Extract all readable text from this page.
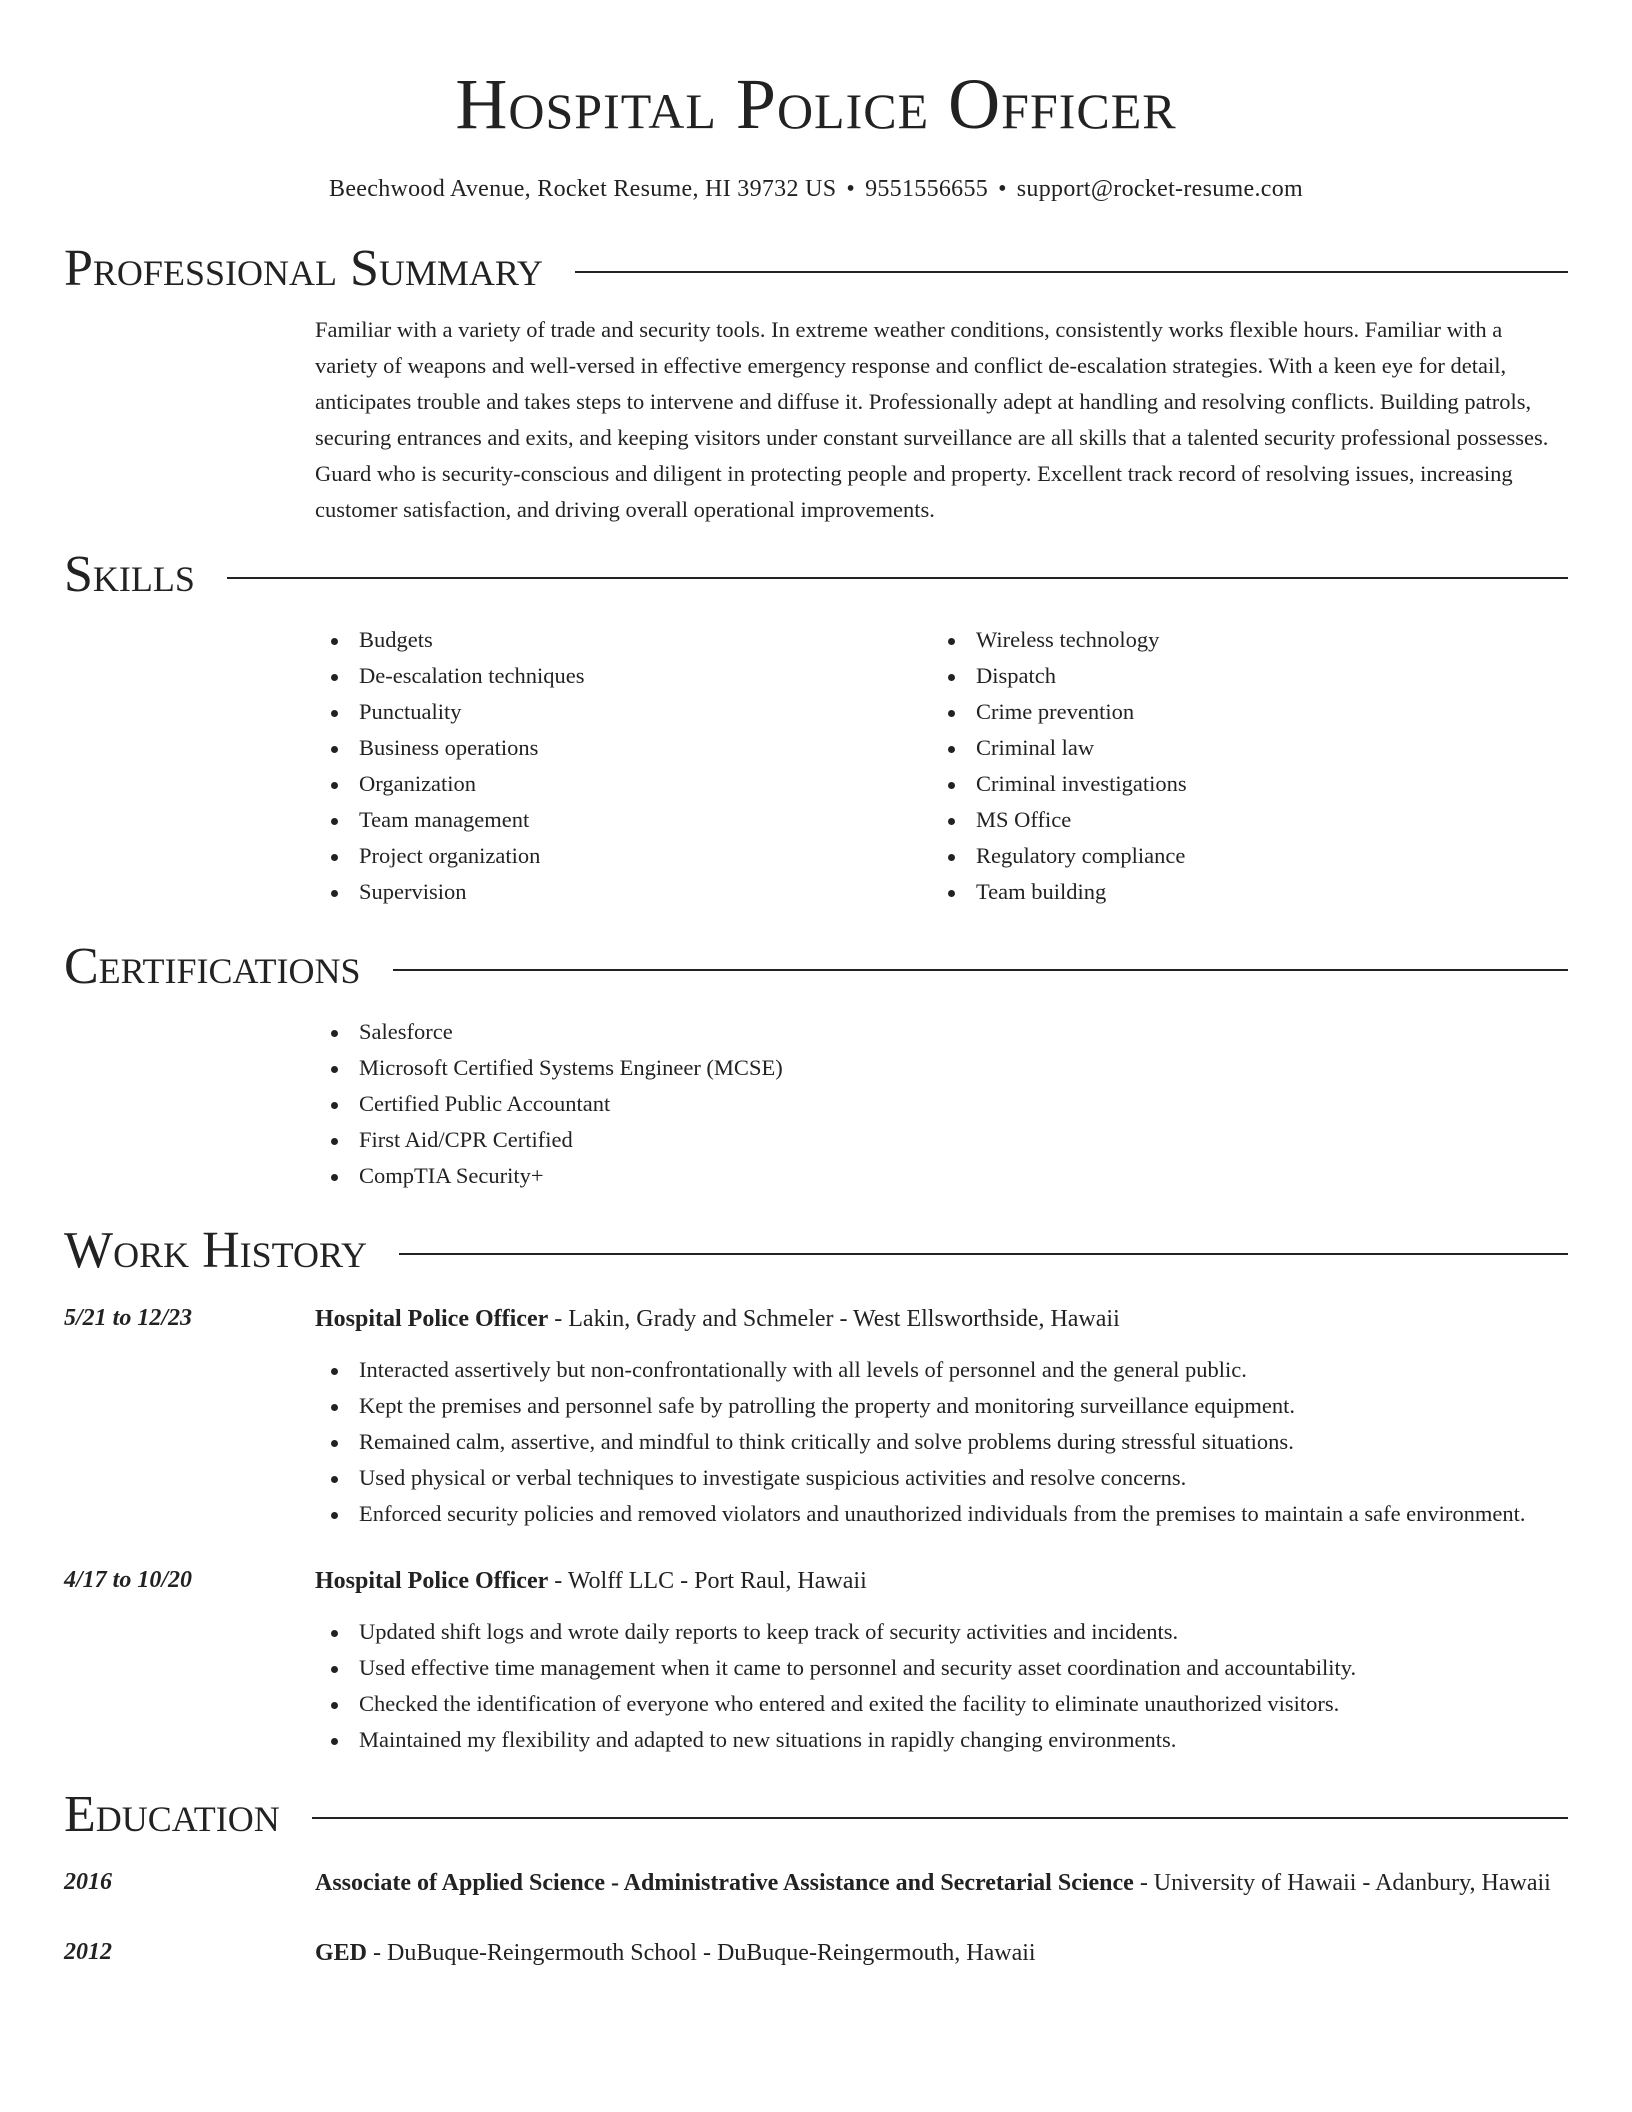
Hospital Police Officer
Beechwood Avenue, Rocket Resume, HI 39732 US • 9551556655 • support@rocket-resume.com
Professional Summary

Familiar with a variety of trade and security tools. In extreme weather conditions, consistently works flexible hours. Familiar with a variety of weapons and well-versed in effective emergency response and conflict de-escalation strategies. With a keen eye for detail, anticipates trouble and takes steps to intervene and diffuse it. Professionally adept at handling and resolving conflicts. Building patrols, securing entrances and exits, and keeping visitors under constant surveillance are all skills that a talented security professional possesses. Guard who is security-conscious and diligent in protecting people and property. Excellent track record of resolving issues, increasing customer satisfaction, and driving overall operational improvements.

Skills
Budgets
De-escalation techniques
Punctuality
Business operations
Organization
Team management
Project organization
Supervision
Wireless technology
Dispatch
Crime prevention
Criminal law
Criminal investigations
MS Office
Regulatory compliance
Team building
Certifications
Salesforce
Microsoft Certified Systems Engineer (MCSE)
Certified Public Accountant
First Aid/CPR Certified
CompTIA Security+
Work History
5/21 to 12/23	Hospital Police Officer - Lakin, Grady and Schmeler - West Ellsworthside, Hawaii
Interacted assertively but non-confrontationally with all levels of personnel and the general public.
Kept the premises and personnel safe by patrolling the property and monitoring surveillance equipment.
Remained calm, assertive, and mindful to think critically and solve problems during stressful situations.
Used physical or verbal techniques to investigate suspicious activities and resolve concerns.
Enforced security policies and removed violators and unauthorized individuals from the premises to maintain a safe environment.
4/17 to 10/20	Hospital Police Officer - Wolff LLC - Port Raul, Hawaii
Updated shift logs and wrote daily reports to keep track of security activities and incidents.
Used effective time management when it came to personnel and security asset coordination and accountability.
Checked the identification of everyone who entered and exited the facility to eliminate unauthorized visitors.
Maintained my flexibility and adapted to new situations in rapidly changing environments.
Education
2016	Associate of Applied Science - Administrative Assistance and Secretarial Science - University of Hawaii - Adanbury, Hawaii
2012	GED - DuBuque-Reingermouth School - DuBuque-Reingermouth, Hawaii
